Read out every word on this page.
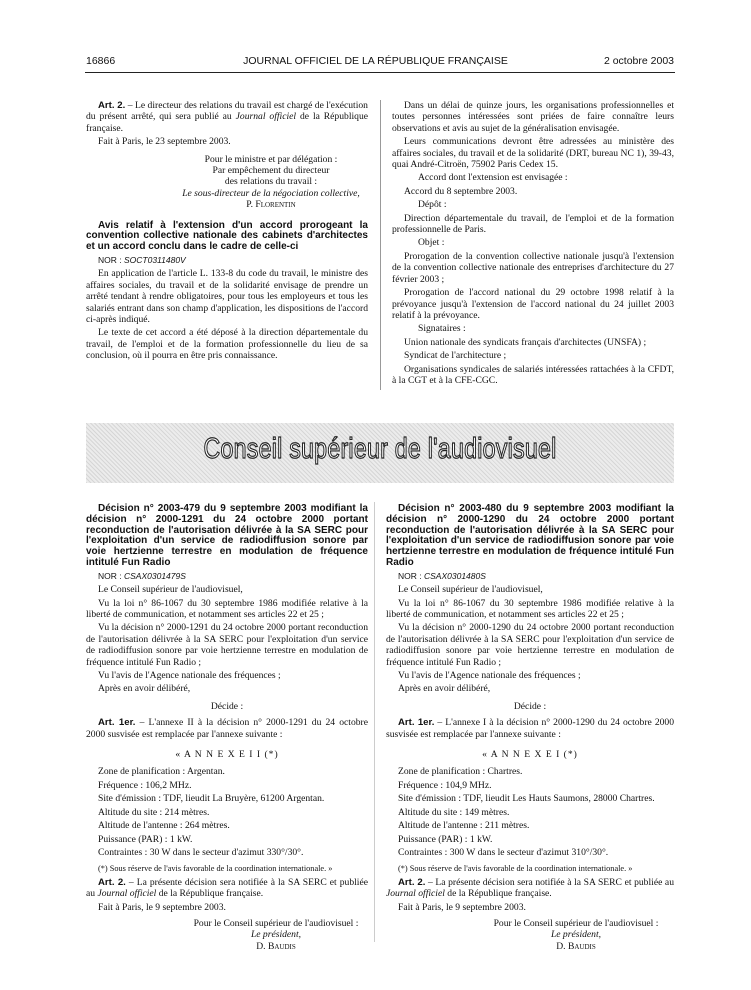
16866	JOURNAL OFFICIEL DE LA RÉPUBLIQUE FRANÇAISE	2 octobre 2003

Art. 2. – Le directeur des relations du travail est chargé de l'exécution du présent arrêté, qui sera publié au Journal officiel de la République française.

Fait à Paris, le 23 septembre 2003.

Pour le ministre et par délégation :
Par empêchement du directeur
des relations du travail :
Le sous-directeur de la négociation collective,
P. Florentin

Avis relatif à l'extension d'un accord prorogeant la convention collective nationale des cabinets d'architectes et un accord conclu dans le cadre de celle-ci

NOR : SOCT0311480V

En application de l'article L. 133-8 du code du travail, le ministre des affaires sociales, du travail et de la solidarité envisage de prendre un arrêté tendant à rendre obligatoires, pour tous les employeurs et tous les salariés entrant dans son champ d'application, les dispositions de l'accord ci-après indiqué.

Le texte de cet accord a été déposé à la direction départementale du travail, de l'emploi et de la formation professionnelle du lieu de sa conclusion, où il pourra en être pris connaissance.

Dans un délai de quinze jours, les organisations professionnelles et toutes personnes intéressées sont priées de faire connaître leurs observations et avis au sujet de la généralisation envisagée.

Leurs communications devront être adressées au ministère des affaires sociales, du travail et de la solidarité (DRT, bureau NC 1), 39-43, quai André-Citroën, 75902 Paris Cedex 15.

Accord dont l'extension est envisagée :

Accord du 8 septembre 2003.

Dépôt :

Direction départementale du travail, de l'emploi et de la formation professionnelle de Paris.

Objet :

Prorogation de la convention collective nationale jusqu'à l'extension de la convention collective nationale des entreprises d'architecture du 27 février 2003 ;

Prorogation de l'accord national du 29 octobre 1998 relatif à la prévoyance jusqu'à l'extension de l'accord national du 24 juillet 2003 relatif à la prévoyance.

Signataires :

Union nationale des syndicats français d'architectes (UNSFA) ;

Syndicat de l'architecture ;

Organisations syndicales de salariés intéressées rattachées à la CFDT, à la CGT et à la CFE-CGC.

Conseil supérieur de l'audiovisuel

Décision n° 2003-479 du 9 septembre 2003 modifiant la décision n° 2000-1291 du 24 octobre 2000 portant reconduction de l'autorisation délivrée à la SA SERC pour l'exploitation d'un service de radiodiffusion sonore par voie hertzienne terrestre en modulation de fréquence intitulé Fun Radio

NOR : CSAX0301479S

Le Conseil supérieur de l'audiovisuel,

Vu la loi n° 86-1067 du 30 septembre 1986 modifiée relative à la liberté de communication, et notamment ses articles 22 et 25 ;

Vu la décision n° 2000-1291 du 24 octobre 2000 portant reconduction de l'autorisation délivrée à la SA SERC pour l'exploitation d'un service de radiodiffusion sonore par voie hertzienne terrestre en modulation de fréquence intitulé Fun Radio ;

Vu l'avis de l'Agence nationale des fréquences ;

Après en avoir délibéré,

Décide :

Art. 1er. – L'annexe II à la décision n° 2000-1291 du 24 octobre 2000 susvisée est remplacée par l'annexe suivante :

« A N N E X E I I (*)

Zone de planification : Argentan.

Fréquence : 106,2 MHz.

Site d'émission : TDF, lieudit La Bruyère, 61200 Argentan.

Altitude du site : 214 mètres.

Altitude de l'antenne : 264 mètres.

Puissance (PAR) : 1 kW.

Contraintes : 30 W dans le secteur d'azimut 330°/30°.

(*) Sous réserve de l'avis favorable de la coordination internationale. »

Art. 2. – La présente décision sera notifiée à la SA SERC et publiée au Journal officiel de la République française.

Fait à Paris, le 9 septembre 2003.

Pour le Conseil supérieur de l'audiovisuel :
Le président,
D. Baudis

Décision n° 2003-480 du 9 septembre 2003 modifiant la décision n° 2000-1290 du 24 octobre 2000 portant reconduction de l'autorisation délivrée à la SA SERC pour l'exploitation d'un service de radiodiffusion sonore par voie hertzienne terrestre en modulation de fréquence intitulé Fun Radio

NOR : CSAX0301480S

Le Conseil supérieur de l'audiovisuel,

Vu la loi n° 86-1067 du 30 septembre 1986 modifiée relative à la liberté de communication, et notamment ses articles 22 et 25 ;

Vu la décision n° 2000-1290 du 24 octobre 2000 portant reconduction de l'autorisation délivrée à la SA SERC pour l'exploitation d'un service de radiodiffusion sonore par voie hertzienne terrestre en modulation de fréquence intitulé Fun Radio ;

Vu l'avis de l'Agence nationale des fréquences ;

Après en avoir délibéré,

Décide :

Art. 1er. – L'annexe I à la décision n° 2000-1290 du 24 octobre 2000 susvisée est remplacée par l'annexe suivante :

« A N N E X E I (*)

Zone de planification : Chartres.

Fréquence : 104,9 MHz.

Site d'émission : TDF, lieudit Les Hauts Saumons, 28000 Chartres.

Altitude du site : 149 mètres.

Altitude de l'antenne : 211 mètres.

Puissance (PAR) : 1 kW.

Contraintes : 300 W dans le secteur d'azimut 310°/30°.

(*) Sous réserve de l'avis favorable de la coordination internationale. »

Art. 2. – La présente décision sera notifiée à la SA SERC et publiée au Journal officiel de la République française.

Fait à Paris, le 9 septembre 2003.

Pour le Conseil supérieur de l'audiovisuel :
Le président,
D. Baudis
